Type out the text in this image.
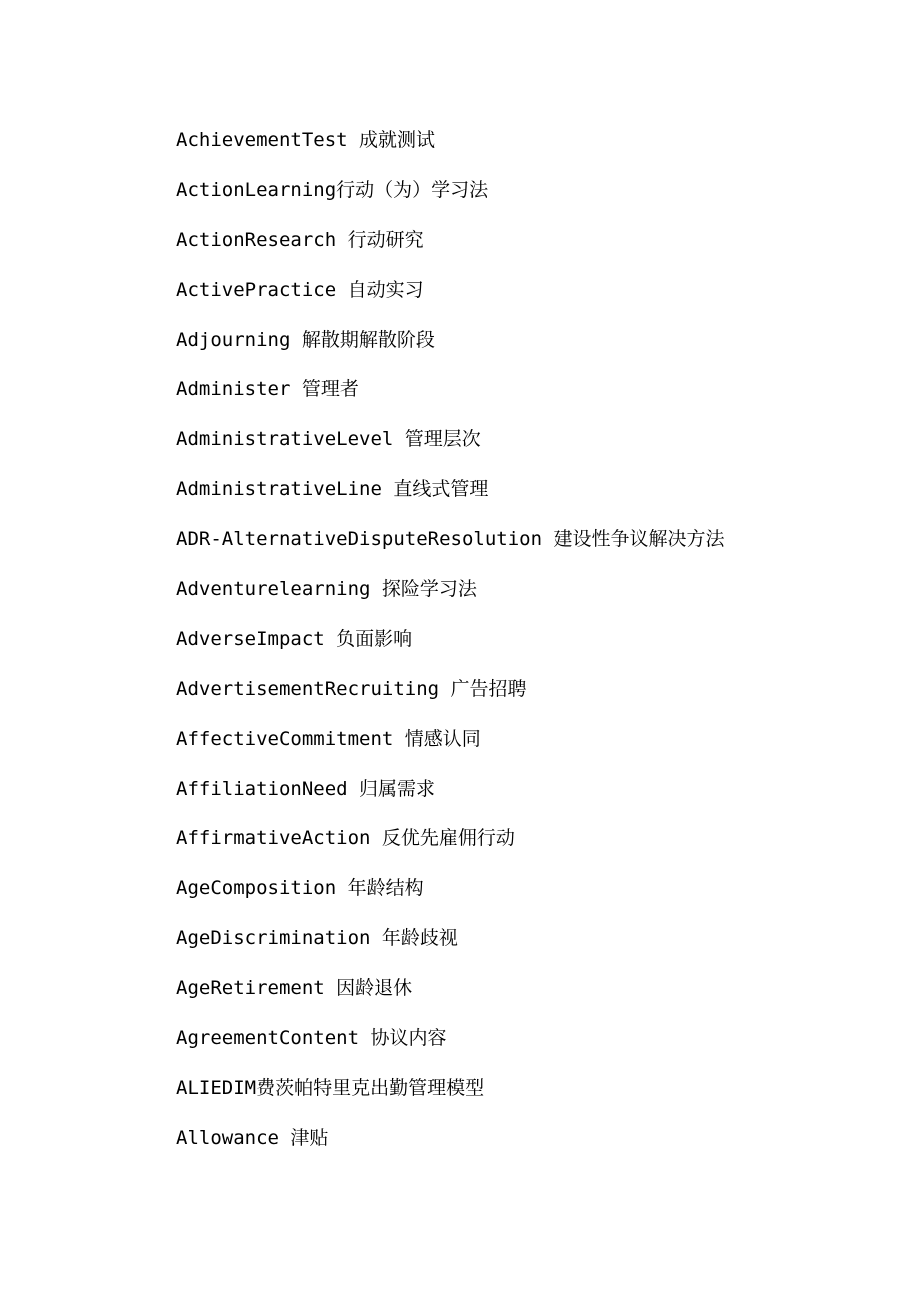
AchievementTest 成就测试
ActionLearning行动（为）学习法
ActionResearch 行动研究
ActivePractice 自动实习
Adjourning 解散期解散阶段
Administer 管理者
AdministrativeLevel 管理层次
AdministrativeLine 直线式管理
ADR-AlternativeDisputeResolution 建设性争议解决方法
Adventurelearning 探险学习法
AdverseImpact 负面影响
AdvertisementRecruiting 广告招聘
AffectiveCommitment 情感认同
AffiliationNeed 归属需求
AffirmativeAction 反优先雇佣行动
AgeComposition 年龄结构
AgeDiscrimination 年龄歧视
AgeRetirement 因龄退休
AgreementContent 协议内容
ALIEDIM费茨帕特里克出勤管理模型
Allowance 津贴
